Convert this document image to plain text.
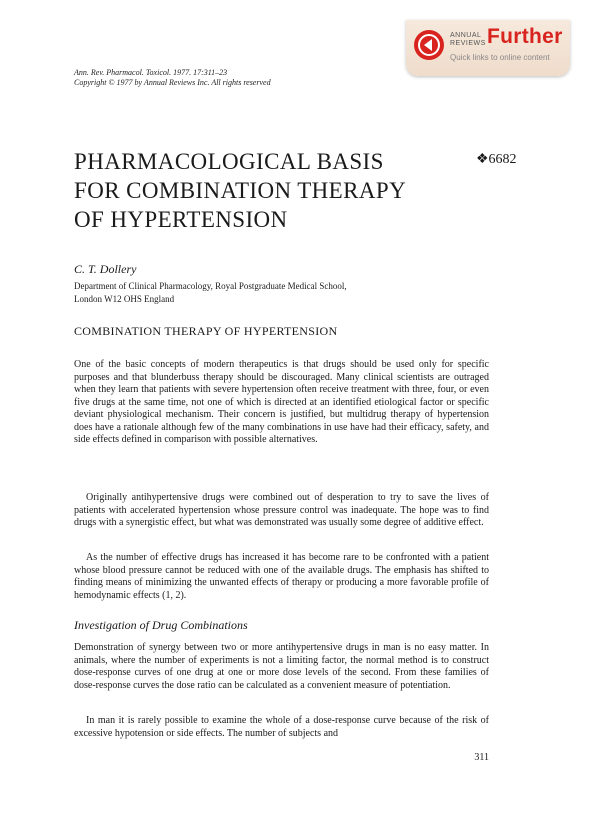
ANNUAL REVIEWS Further
Quick links to online content
Ann. Rev. Pharmacol. Toxicol. 1977. 17:311–23
Copyright © 1977 by Annual Reviews Inc. All rights reserved
PHARMACOLOGICAL BASIS
FOR COMBINATION THERAPY
OF HYPERTENSION
❖6682
C. T. Dollery
Department of Clinical Pharmacology, Royal Postgraduate Medical School,
London W12 OHS England
COMBINATION THERAPY OF HYPERTENSION

One of the basic concepts of modern therapeutics is that drugs should be used only for specific purposes and that blunderbuss therapy should be discouraged. Many clinical scientists are outraged when they learn that patients with severe hypertension often receive treatment with three, four, or even five drugs at the same time, not one of which is directed at an identified etiological factor or specific deviant physiological mechanism. Their concern is justified, but multidrug therapy of hypertension does have a rationale although few of the many combinations in use have had their efficacy, safety, and side effects defined in comparison with possible alternatives.

Originally antihypertensive drugs were combined out of desperation to try to save the lives of patients with accelerated hypertension whose pressure control was inadequate. The hope was to find drugs with a synergistic effect, but what was demonstrated was usually some degree of additive effect.

As the number of effective drugs has increased it has become rare to be confronted with a patient whose blood pressure cannot be reduced with one of the available drugs. The emphasis has shifted to finding means of minimizing the unwanted effects of therapy or producing a more favorable profile of hemodynamic effects (1, 2).

Investigation of Drug Combinations

Demonstration of synergy between two or more antihypertensive drugs in man is no easy matter. In animals, where the number of experiments is not a limiting factor, the normal method is to construct dose-response curves of one drug at one or more dose levels of the second. From these families of dose-response curves the dose ratio can be calculated as a convenient measure of potentiation.

In man it is rarely possible to examine the whole of a dose-response curve because of the risk of excessive hypotension or side effects. The number of subjects and

311
